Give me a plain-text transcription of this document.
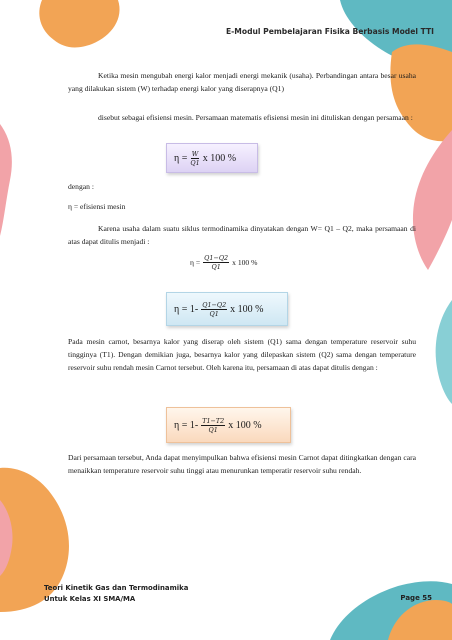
E-Modul Pembelajaran Fisika Berbasis Model TTI

Ketika mesin mengubah energi kalor menjadi energi mekanik (usaha). Perbandingan antara besar usaha yang dilakukan sistem (W) terhadap energi kalor yang diserapnya (Q1)

disebut sebagai efisiensi mesin. Persamaan matematis efisiensi mesin ini dituliskan dengan persamaan :

$\eta = \frac{W}{Q1}$ x 100 %
dengan :
η = efisiensi mesin

Karena usaha dalam suatu siklus termodinamika dinyatakan dengan W= Q1 – Q2, maka persamaan di atas dapat ditulis menjadi :

$\eta = \frac{Q1-Q2}{Q1}$ x 100 %
$\eta = 1- \frac{Q1-Q2}{Q1}$ x 100 %

Pada mesin carnot, besarnya kalor yang diserap oleh sistem (Q1) sama dengan temperature reservoir suhu tingginya (T1). Dengan demikian juga, besarnya kalor yang dilepaskan sistem (Q2) sama dengan temperature reservoir suhu rendah mesin Carnot tersebut. Oleh karena itu, persamaan di atas dapat ditulis dengan :

$\eta = 1- \frac{T1-T2}{Q1}$ x 100 %

Dari persamaan tersebut, Anda dapat menyimpulkan bahwa efisiensi mesin Carnot dapat ditingkatkan dengan cara menaikkan temperature reservoir suhu tinggi atau menurunkan temperatir reservoir suhu rendah.

Teori Kinetik Gas dan Termodinamika
Untuk Kelas XI SMA/MA	Page 55
